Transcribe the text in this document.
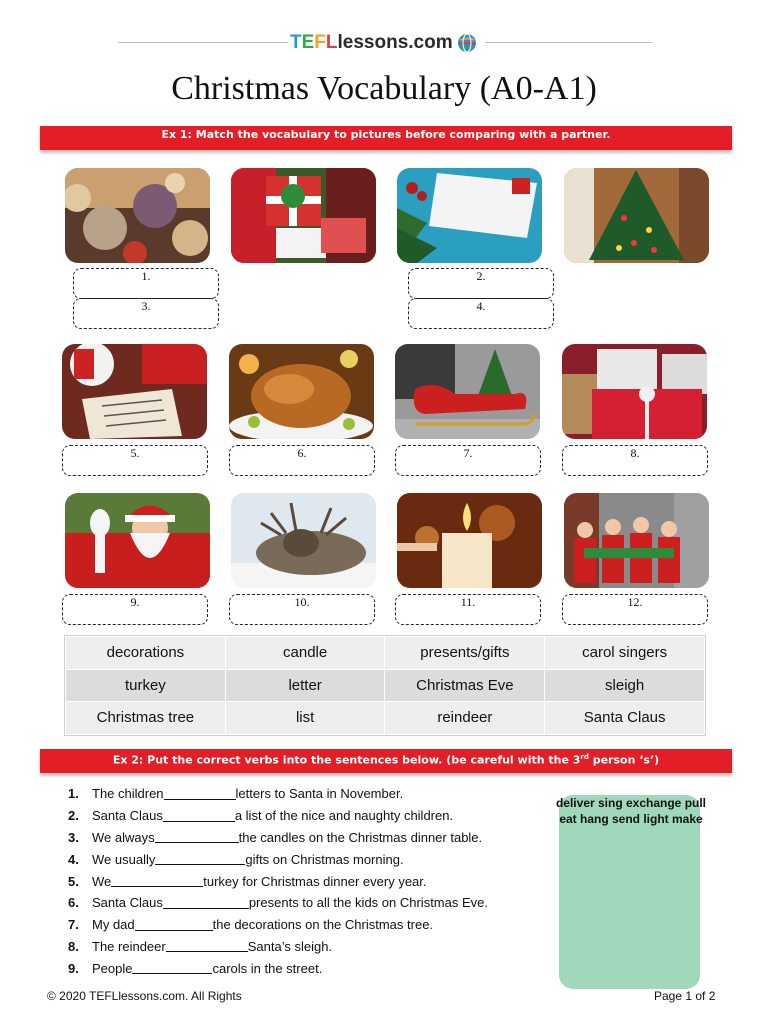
T E F L lessons.com
Christmas Vocabulary (A0-A1)
Ex 1: Match the vocabulary to pictures before comparing with a partner.
1.
3.
2.
4.
5.	6.	7.	8.
9.	10.	11.	12.
decorations	candle	presents/gifts	carol singers
turkey	letter	Christmas Eve	sleigh
Christmas tree	list	reindeer	Santa Claus
Ex 2: Put the correct verbs into the sentences below. (be careful with the 3rd person ‘s’)
1.	The children	letters to Santa in November.
2.	Santa Claus	a list of the nice and naughty children.
3.	We always	the candles on the Christmas dinner table.
4.	We usually	gifts on Christmas morning.
5.	We	turkey for Christmas dinner every year.
6.	Santa Claus	presents to all the kids on Christmas Eve.
7.	My dad	the decorations on the Christmas tree.
8.	The reindeer	Santa’s sleigh.
9.	People	carols in the street.
deliver sing exchange pull eat hang send light make
© 2020 TEFLlessons.com. All Rights	Page 1 of 2
